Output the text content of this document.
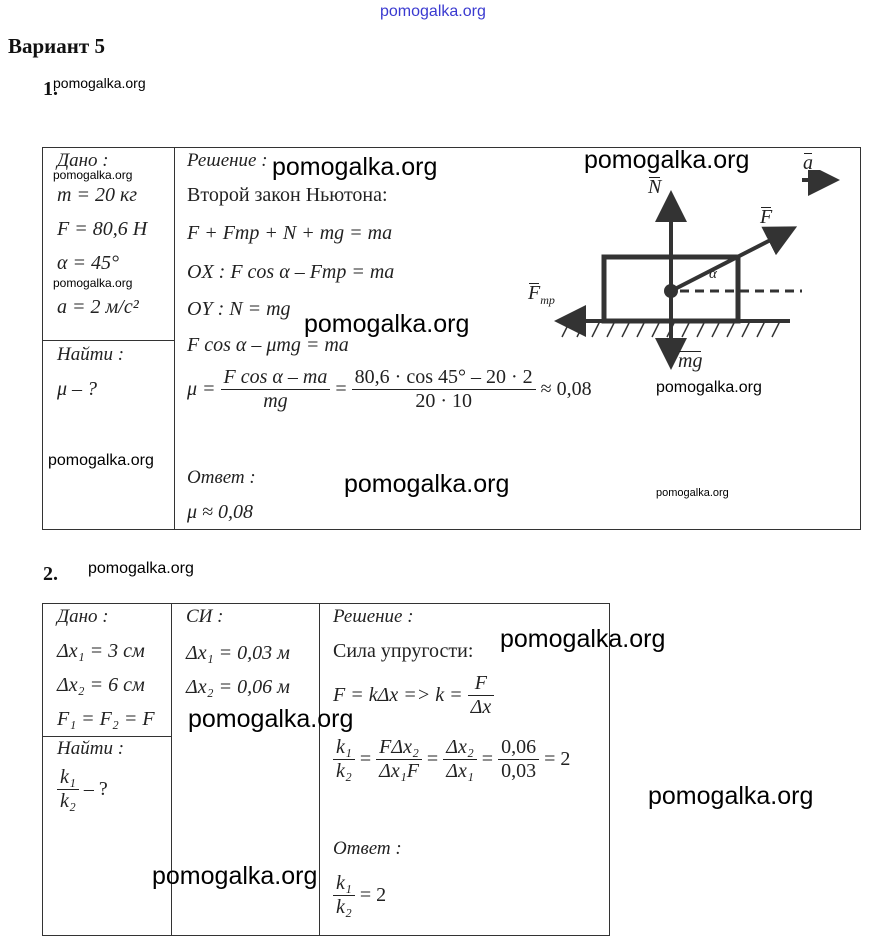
pomogalka.org
Вариант 5
1.
pomogalka.org
Дано :
m = 20 кг
F = 80,6 Н
α = 45°
a = 2 м/с²
Найти :
μ – ?
Решение :
Второй закон Ньютона:
F + Fтр + N + mg = ma
OX : F cos α – Fтр = ma
OY : N = mg
F cos α – μmg = ma
$\mu = \frac{\text{F cos α – ma}}{mg} = \frac{80,6 \cdot \cos 45^\circ - 20 \cdot 2}{20 \cdot 10} \approx 0,08$
Ответ :
μ ≈ 0,08
N
F
a
α
$F_{тр}$
mg
pomogalka.org	pomogalka.org
pomogalka.org
pomogalka.org
pomogalka.org
pomogalka.org
pomogalka.org
pomogalka.org	pomogalka.org
2. pomogalka.org
Дано :
Δx₁ = 3 см
Δx₂ = 6 см
F₁ = F₂ = F
Найти :
$\frac{\text{k₁}}{\text{k₂}}$ – ?
СИ :
Δx₁ = 0,03 м
Δx₂ = 0,06 м
Решение :
Сила упругости:
$F = k\Delta x => k = \frac{F}{\Delta x}$
$\frac{\text{k₁}}{\text{k₂}} = \frac{\text{FΔx₂}}{\text{Δx₁F}} = \frac{\text{Δx₂}}{\text{Δx₁}} = \frac{0,06}{0,03} = 2$
Ответ :
$\frac{\text{k₁}}{\text{k₂}} = 2$
pomogalka.org
pomogalka.org
pomogalka.org
pomogalka.org
